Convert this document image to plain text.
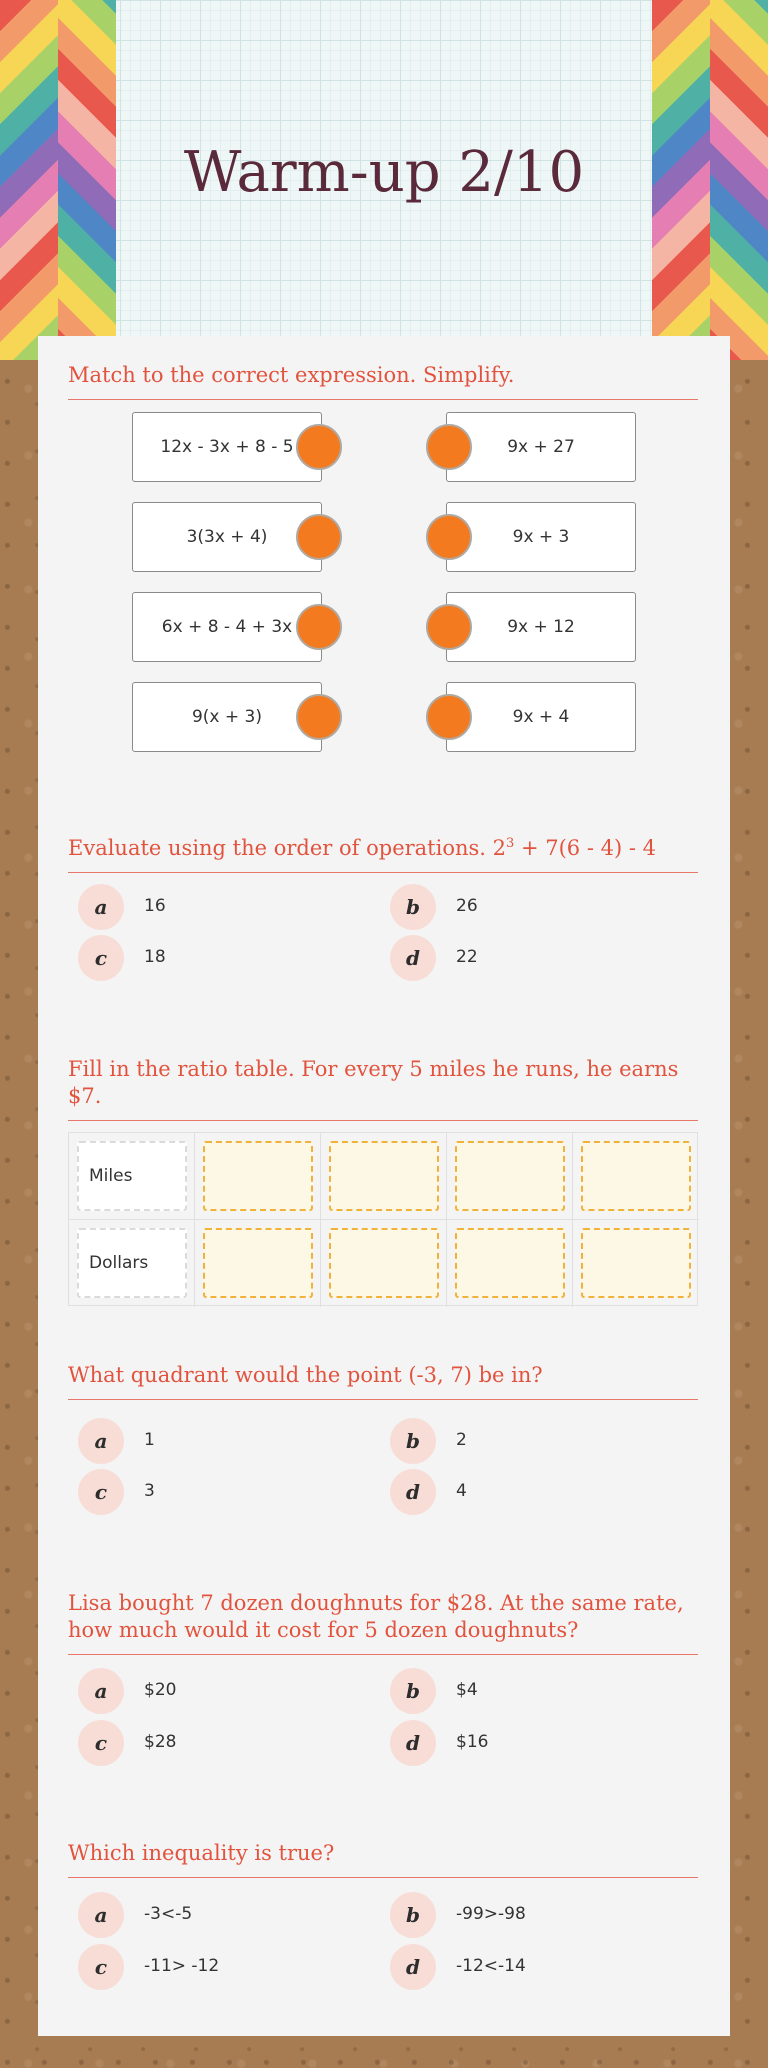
Warm-up 2/10
Match to the correct expression. Simplify.
12x - 3x + 8 - 5
3(3x + 4)
6x + 8 - 4 + 3x
9(x + 3)
9x + 27
9x + 3
9x + 12
9x + 4
Evaluate using the order of operations. $2^3 + 7(6 - 4) - 4$
a	16	b	26
c	18	d	22
Fill in the ratio table. For every 5 miles he runs, he earns $7.
Miles
Dollars
What quadrant would the point (-3, 7) be in?
a	1	b	2
c	3	d	4
Lisa bought 7 dozen doughnuts for $28. At the same rate, how much would it cost for 5 dozen doughnuts?
a	$20	b	$4
c	$28	d	$16
Which inequality is true?
a	-3<-5	b	-99>-98
c	-11> -12	d	-12<-14
